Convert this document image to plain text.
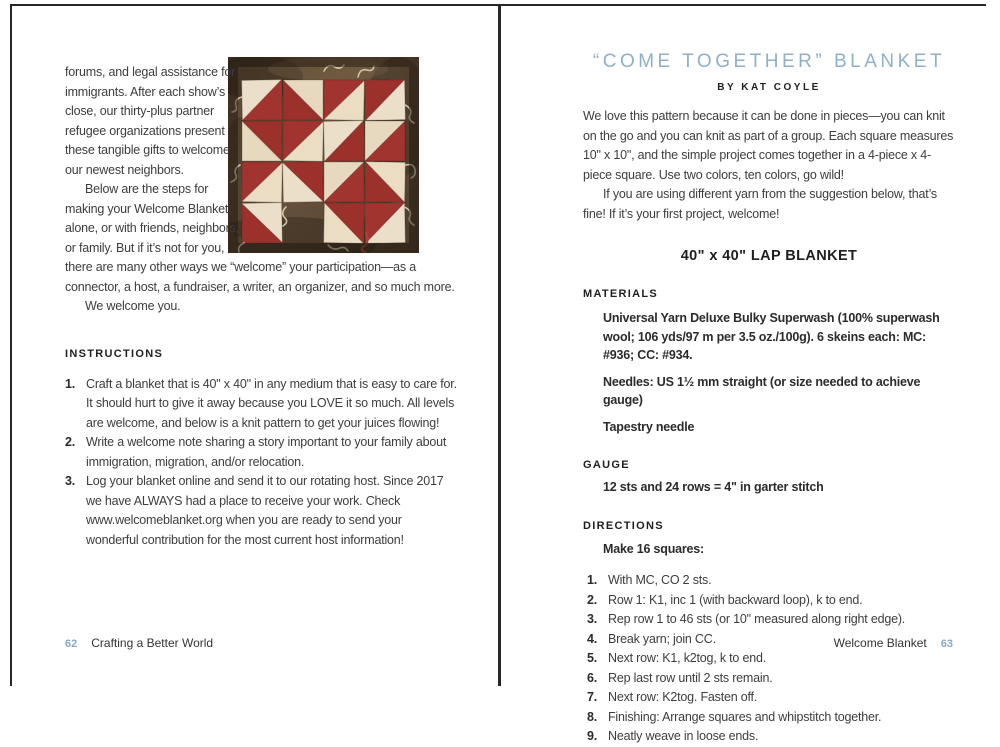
forums, and legal assistance for immigrants. After each show’s close, our thirty-plus partner refugee organizations present these tangible gifts to welcome our newest neighbors.

Below are the steps for making your Welcome Blanket, alone, or with friends, neighbors, or family. But if it’s not for you,

there are many other ways we “welcome” your participation—as a connector, a host, a fundraiser, a writer, an organizer, and so much more.

We welcome you.

INSTRUCTIONS

Craft a blanket that is 40" x 40" in any medium that is easy to care for. It should hurt to give it away because you LOVE it so much. All levels are welcome, and below is a knit pattern to get your juices flowing!
Write a welcome note sharing a story important to your family about immigration, migration, and/or relocation.
Log your blanket online and send it to our rotating host. Since 2017 we have ALWAYS had a place to receive your work. Check www.welcomeblanket.org when you are ready to send your wonderful contribution for the most current host information!
62 Crafting a Better World
“COME TOGETHER” BLANKET

BY KAT COYLE

We love this pattern because it can be done in pieces—you can knit on the go and you can knit as part of a group. Each square measures 10" x 10", and the simple project comes together in a 4-piece x 4-piece square. Use two colors, ten colors, go wild!

If you are using different yarn from the suggestion below, that’s fine! If it’s your first project, welcome!

40" x 40" LAP BLANKET

MATERIALS

Universal Yarn Deluxe Bulky Superwash (100% superwash wool; 106 yds/97 m per 3.5 oz./100g). 6 skeins each: MC: #936; CC: #934.

Needles: US 1½ mm straight (or size needed to achieve gauge)

Tapestry needle

GAUGE

12 sts and 24 rows = 4" in garter stitch

DIRECTIONS

Make 16 squares:

With MC, CO 2 sts.
Row 1: K1, inc 1 (with backward loop), k to end.
Rep row 1 to 46 sts (or 10" measured along right edge).
Break yarn; join CC.
Next row: K1, k2tog, k to end.
Rep last row until 2 sts remain.
Next row: K2tog. Fasten off.
Finishing: Arrange squares and whipstitch together.
Neatly weave in loose ends.
Welcome Blanket 63
